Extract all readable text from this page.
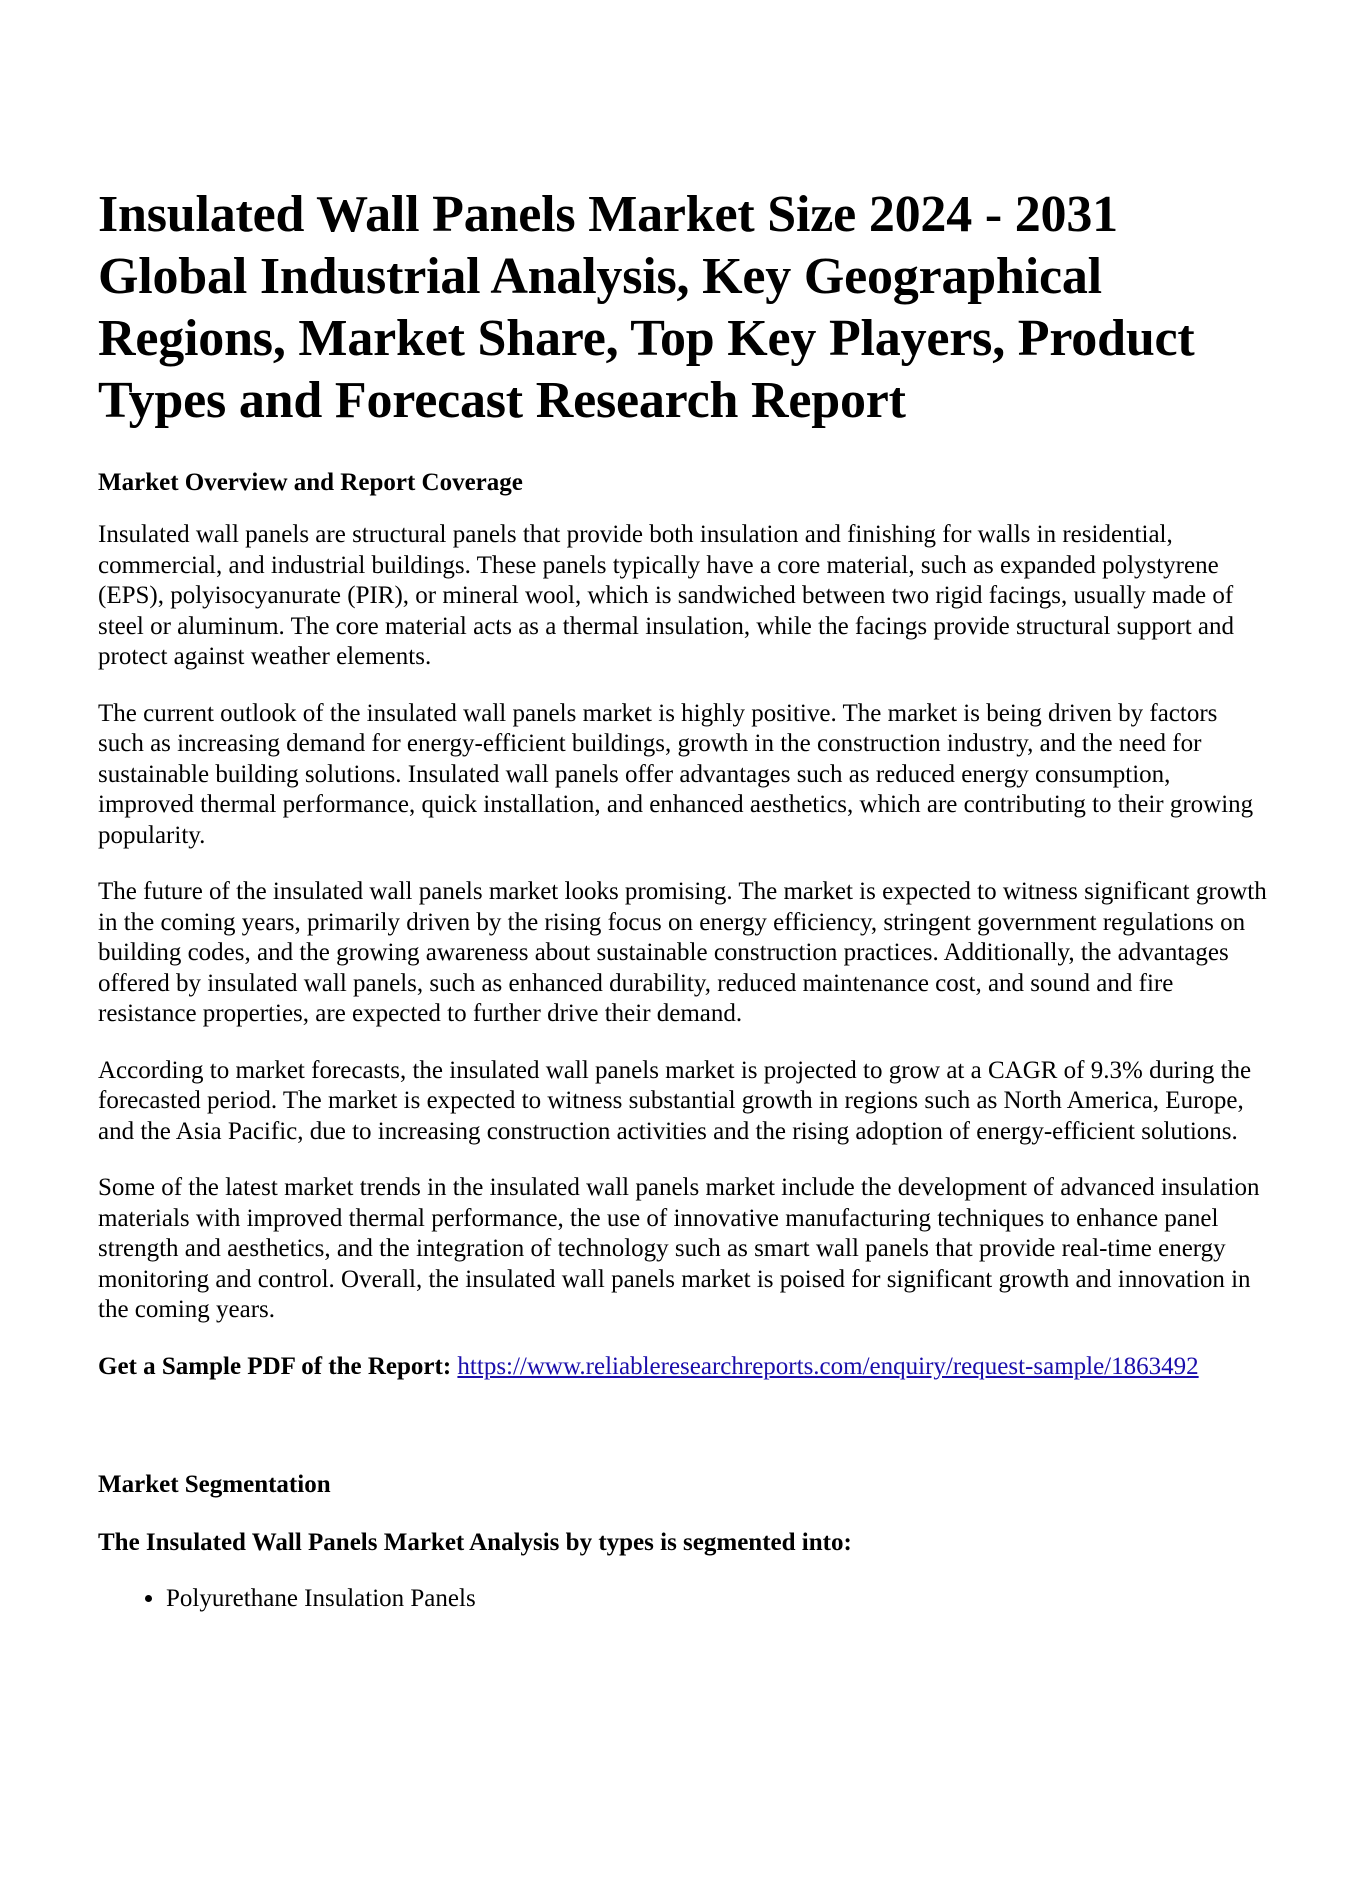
Insulated Wall Panels Market Size 2024 - 2031 Global Industrial Analysis, Key Geographical Regions, Market Share, Top Key Players, Product Types and Forecast Research Report
Market Overview and Report Coverage

Insulated wall panels are structural panels that provide both insulation and finishing for walls in residential, commercial, and industrial buildings. These panels typically have a core material, such as expanded polystyrene (EPS), polyisocyanurate (PIR), or mineral wool, which is sandwiched between two rigid facings, usually made of steel or aluminum. The core material acts as a thermal insulation, while the facings provide structural support and protect against weather elements.

The current outlook of the insulated wall panels market is highly positive. The market is being driven by factors such as increasing demand for energy-efficient buildings, growth in the construction industry, and the need for sustainable building solutions. Insulated wall panels offer advantages such as reduced energy consumption, improved thermal performance, quick installation, and enhanced aesthetics, which are contributing to their growing popularity.

The future of the insulated wall panels market looks promising. The market is expected to witness significant growth in the coming years, primarily driven by the rising focus on energy efficiency, stringent government regulations on building codes, and the growing awareness about sustainable construction practices. Additionally, the advantages offered by insulated wall panels, such as enhanced durability, reduced maintenance cost, and sound and fire resistance properties, are expected to further drive their demand.

According to market forecasts, the insulated wall panels market is projected to grow at a CAGR of 9.3% during the forecasted period. The market is expected to witness substantial growth in regions such as North America, Europe, and the Asia Pacific, due to increasing construction activities and the rising adoption of energy-efficient solutions.

Some of the latest market trends in the insulated wall panels market include the development of advanced insulation materials with improved thermal performance, the use of innovative manufacturing techniques to enhance panel strength and aesthetics, and the integration of technology such as smart wall panels that provide real-time energy monitoring and control. Overall, the insulated wall panels market is poised for significant growth and innovation in the coming years.

Get a Sample PDF of the Report: https://www.reliableresearchreports.com/enquiry/request-sample/1863492

Market Segmentation
The Insulated Wall Panels Market Analysis by types is segmented into:
• Polyurethane Insulation Panels
